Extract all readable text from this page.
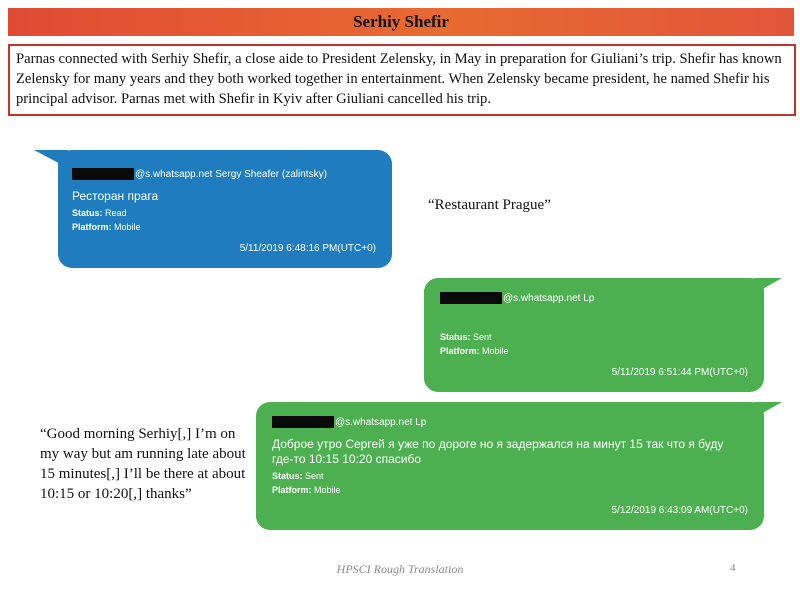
Serhiy Shefir
Parnas connected with Serhiy Shefir, a close aide to President Zelensky, in May in preparation for Giuliani’s trip. Shefir has known Zelensky for many years and they both worked together in entertainment. When Zelensky became president, he named Shefir his principal advisor. Parnas met with Shefir in Kyiv after Giuliani cancelled his trip.
@s.whatsapp.net Sergy Sheafer (zalintsky)
Ресторан прага
Status: Read
Platform: Mobile
5/11/2019 6:48:16 PM(UTC+0)
“Restaurant Prague”
@s.whatsapp.net Lp
Status: Sent
Platform: Mobile
5/11/2019 6:51:44 PM(UTC+0)
@s.whatsapp.net Lp
Доброе утро Сергей я уже по дороге но я задержался на минут 15 так что я буду где-то 10:15 10:20 спасибо
Status: Sent
Platform: Mobile
5/12/2019 6:43:09 AM(UTC+0)
“Good morning Serhiy[,] I’m on my way but am running late about 15 minutes[,] I’ll be there at about 10:15 or 10:20[,] thanks”
HPSCI Rough Translation	4
